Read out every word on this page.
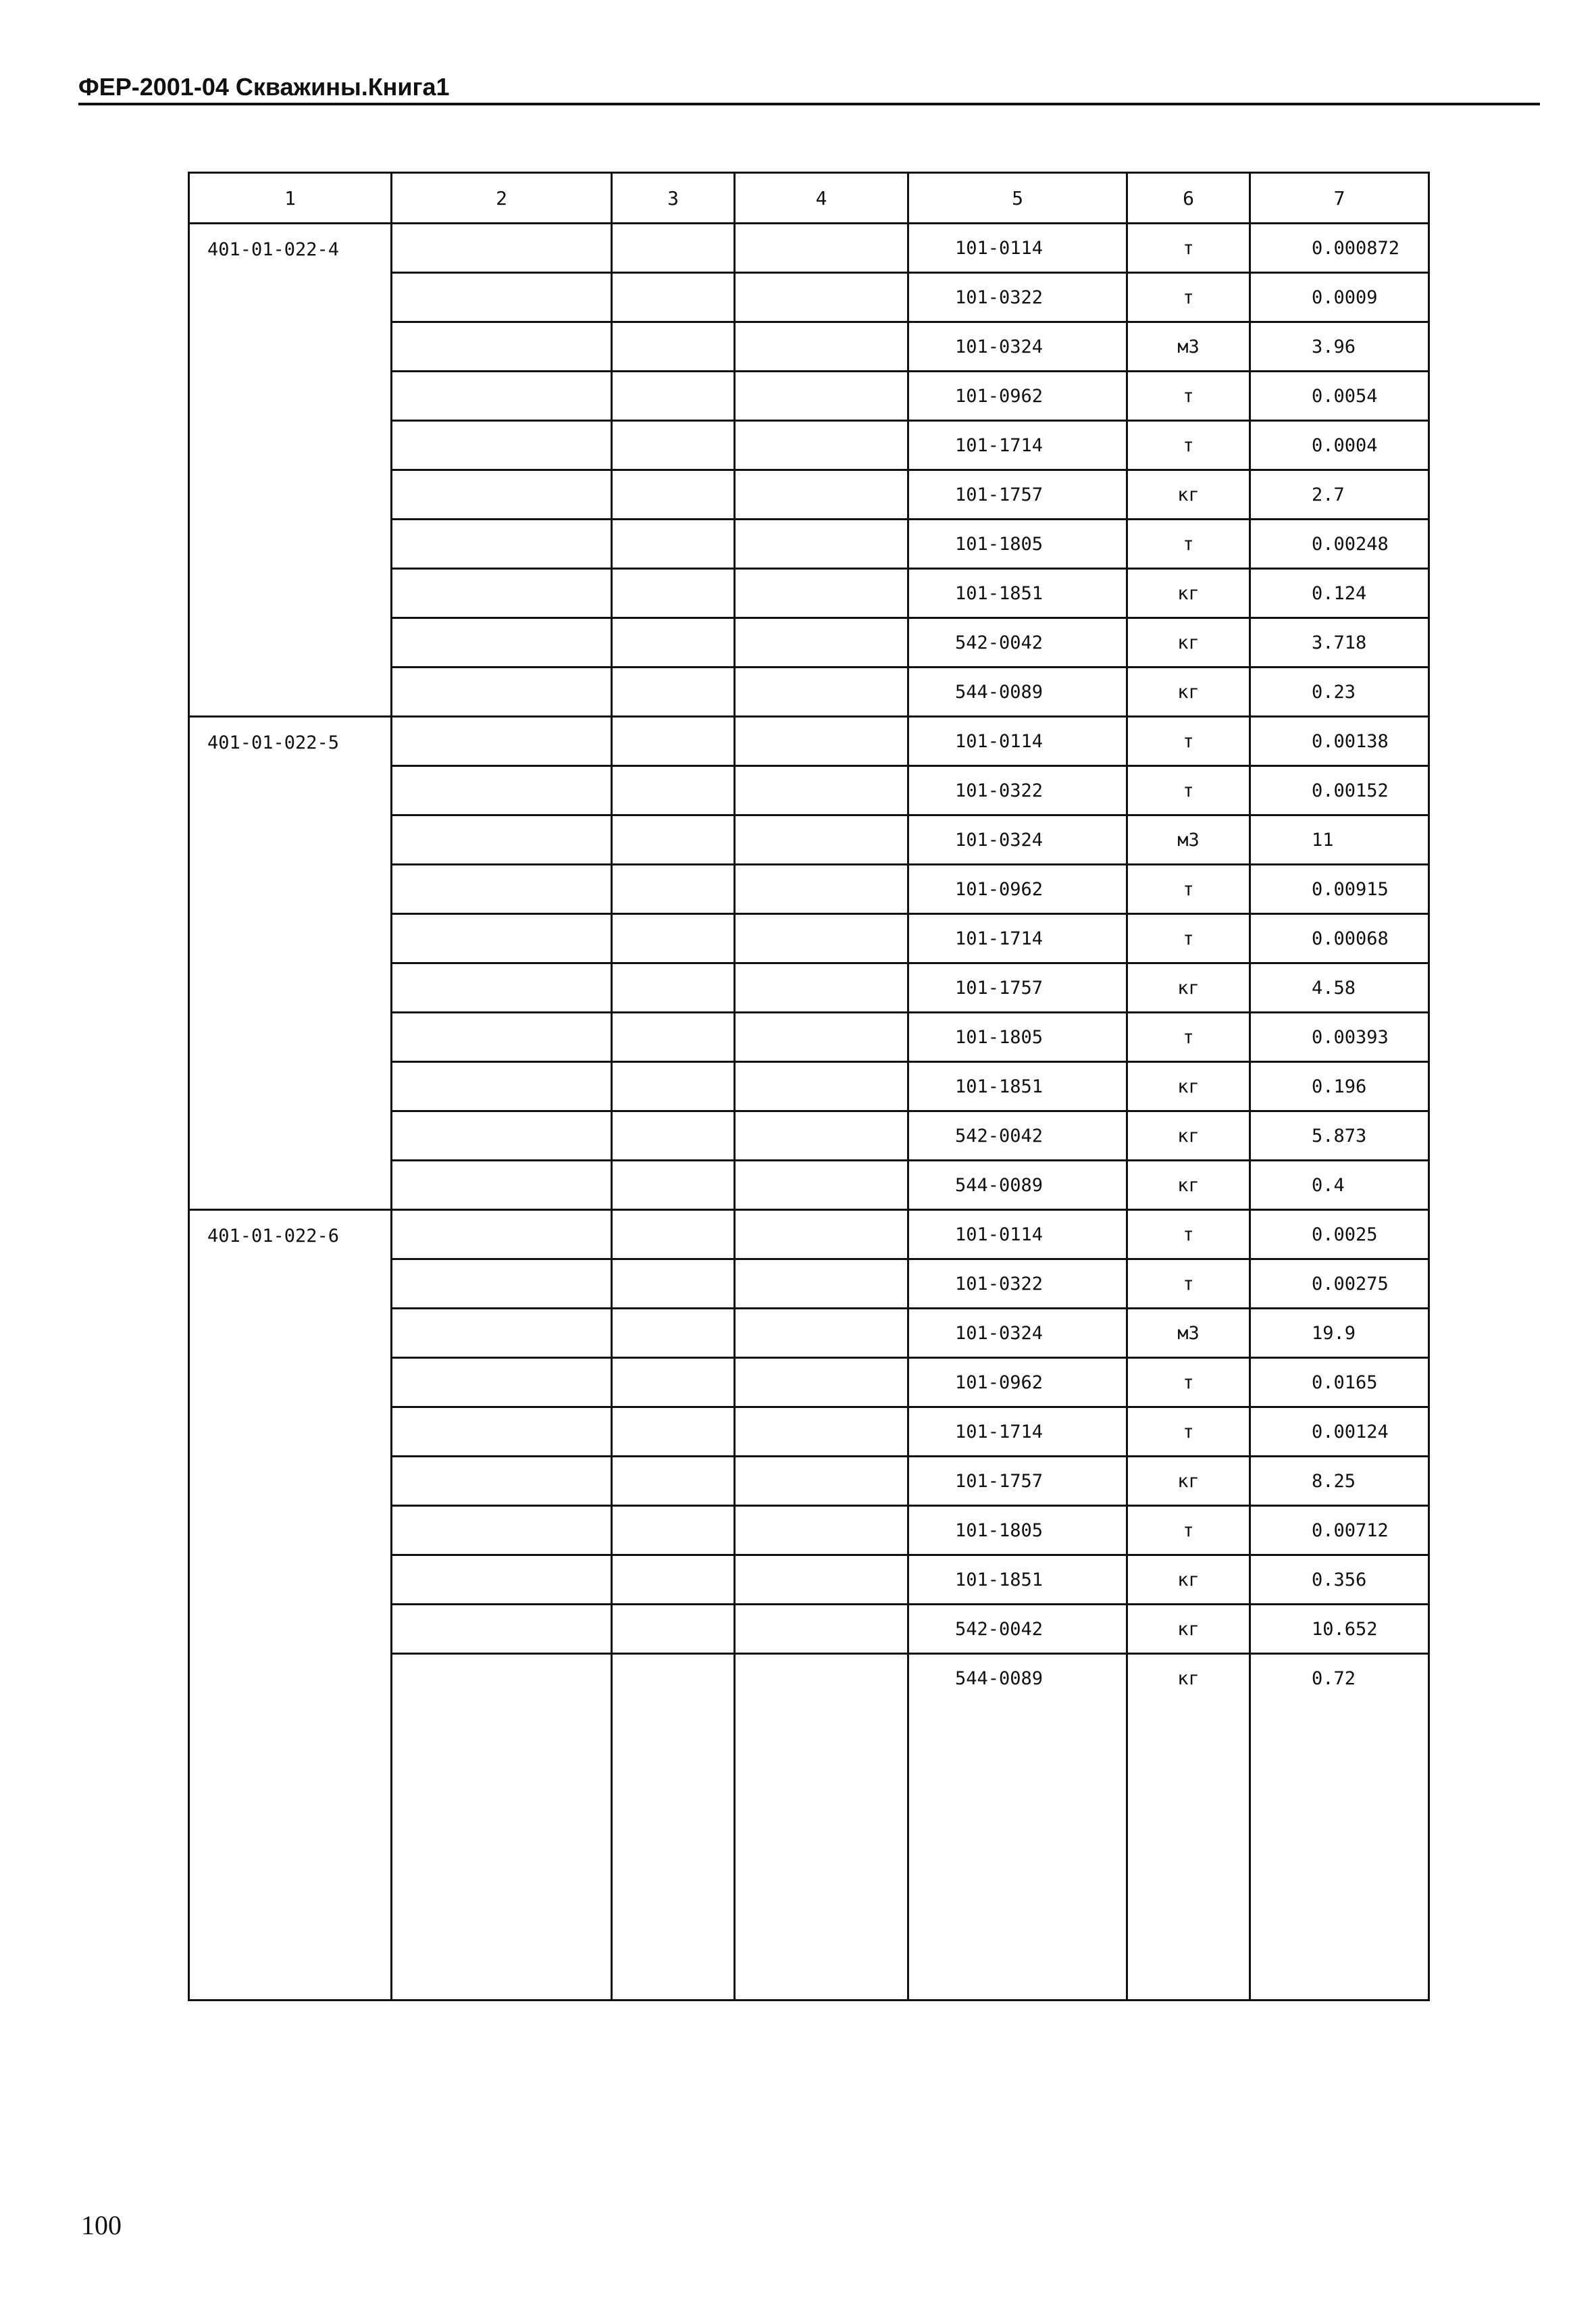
ФЕР-2001-04 Скважины.Книга1
1	2	3	4	5	6	7
401-01-022-4				101-0114	т	0.000872
				101-0322	т	0.0009
				101-0324	м3	3.96
				101-0962	т	0.0054
				101-1714	т	0.0004
				101-1757	кг	2.7
				101-1805	т	0.00248
				101-1851	кг	0.124
				542-0042	кг	3.718
				544-0089	кг	0.23
401-01-022-5				101-0114	т	0.00138
				101-0322	т	0.00152
				101-0324	м3	11
				101-0962	т	0.00915
				101-1714	т	0.00068
				101-1757	кг	4.58
				101-1805	т	0.00393
				101-1851	кг	0.196
				542-0042	кг	5.873
				544-0089	кг	0.4
401-01-022-6				101-0114	т	0.0025
				101-0322	т	0.00275
				101-0324	м3	19.9
				101-0962	т	0.0165
				101-1714	т	0.00124
				101-1757	кг	8.25
				101-1805	т	0.00712
				101-1851	кг	0.356
				542-0042	кг	10.652
				544-0089	кг	0.72
100
